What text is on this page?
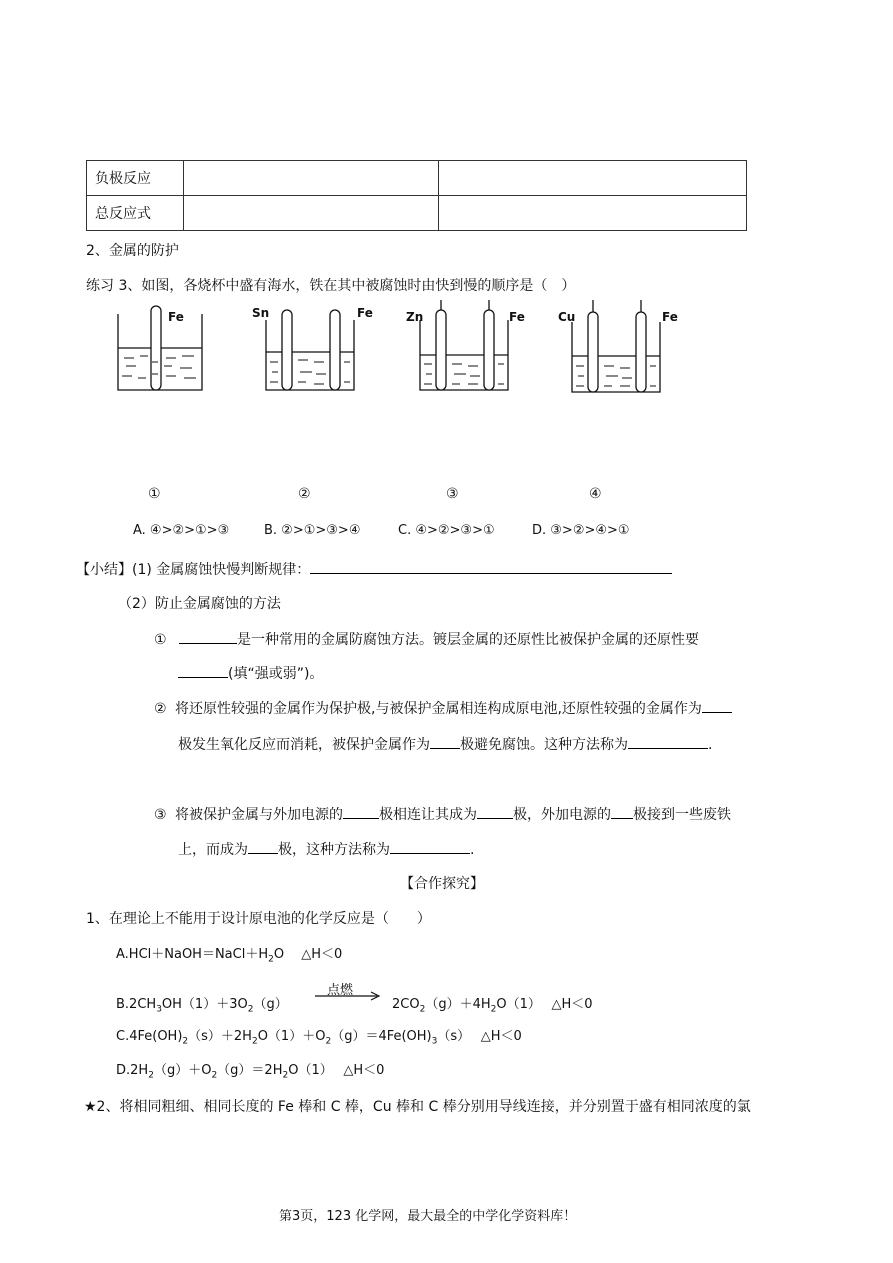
负极反应		
总反应式		
2、金属的防护
练习 3、如图，各烧杯中盛有海水，铁在其中被腐蚀时由快到慢的顺序是（　）
Fe	Sn	Fe	Zn	Fe	Cu	Fe
①	②	③	④
A. ④>②>①>③	B. ②>①>③>④	C. ④>②>③>①	D. ③>②>④>①
【小结】(1) 金属腐蚀快慢判断规律：
（2）防止金属腐蚀的方法
①	是一种常用的金属防腐蚀方法。镀层金属的还原性比被保护金属的还原性要
(填“强或弱”)。
② 将还原性较强的金属作为保护极,与被保护金属相连构成原电池,还原性较强的金属作为
极发生氧化反应而消耗，被保护金属作为 极避免腐蚀。这种方法称为	.
③ 将被保护金属与外加电源的	极相连让其成为	极，外加电源的 极接到一些废铁
上，而成为 极，这种方法称为	.
【合作探究】
1、在理论上不能用于设计原电池的化学反应是（　　）
$A.HCl+NaOH=NaCl+H_2O$　 △H＜0
点燃
$B.2CH_3OH(1)+3O_2(g)$	$2CO_2(g)+4H_2O(1)$　 △H＜0
$C.4Fe(OH)_2(s)+2H_2O(1)+O_2(g)=4Fe(OH)_3(s)$　 △H＜0
$D.2H_2(g)+O_2(g)=2H_2O(1)$　 △H＜0
★2、将相同粗细、相同长度的 Fe 棒和 C 棒，Cu 棒和 C 棒分别用导线连接，并分别置于盛有相同浓度的氯
第3页，123 化学网，最大最全的中学化学资料库！
